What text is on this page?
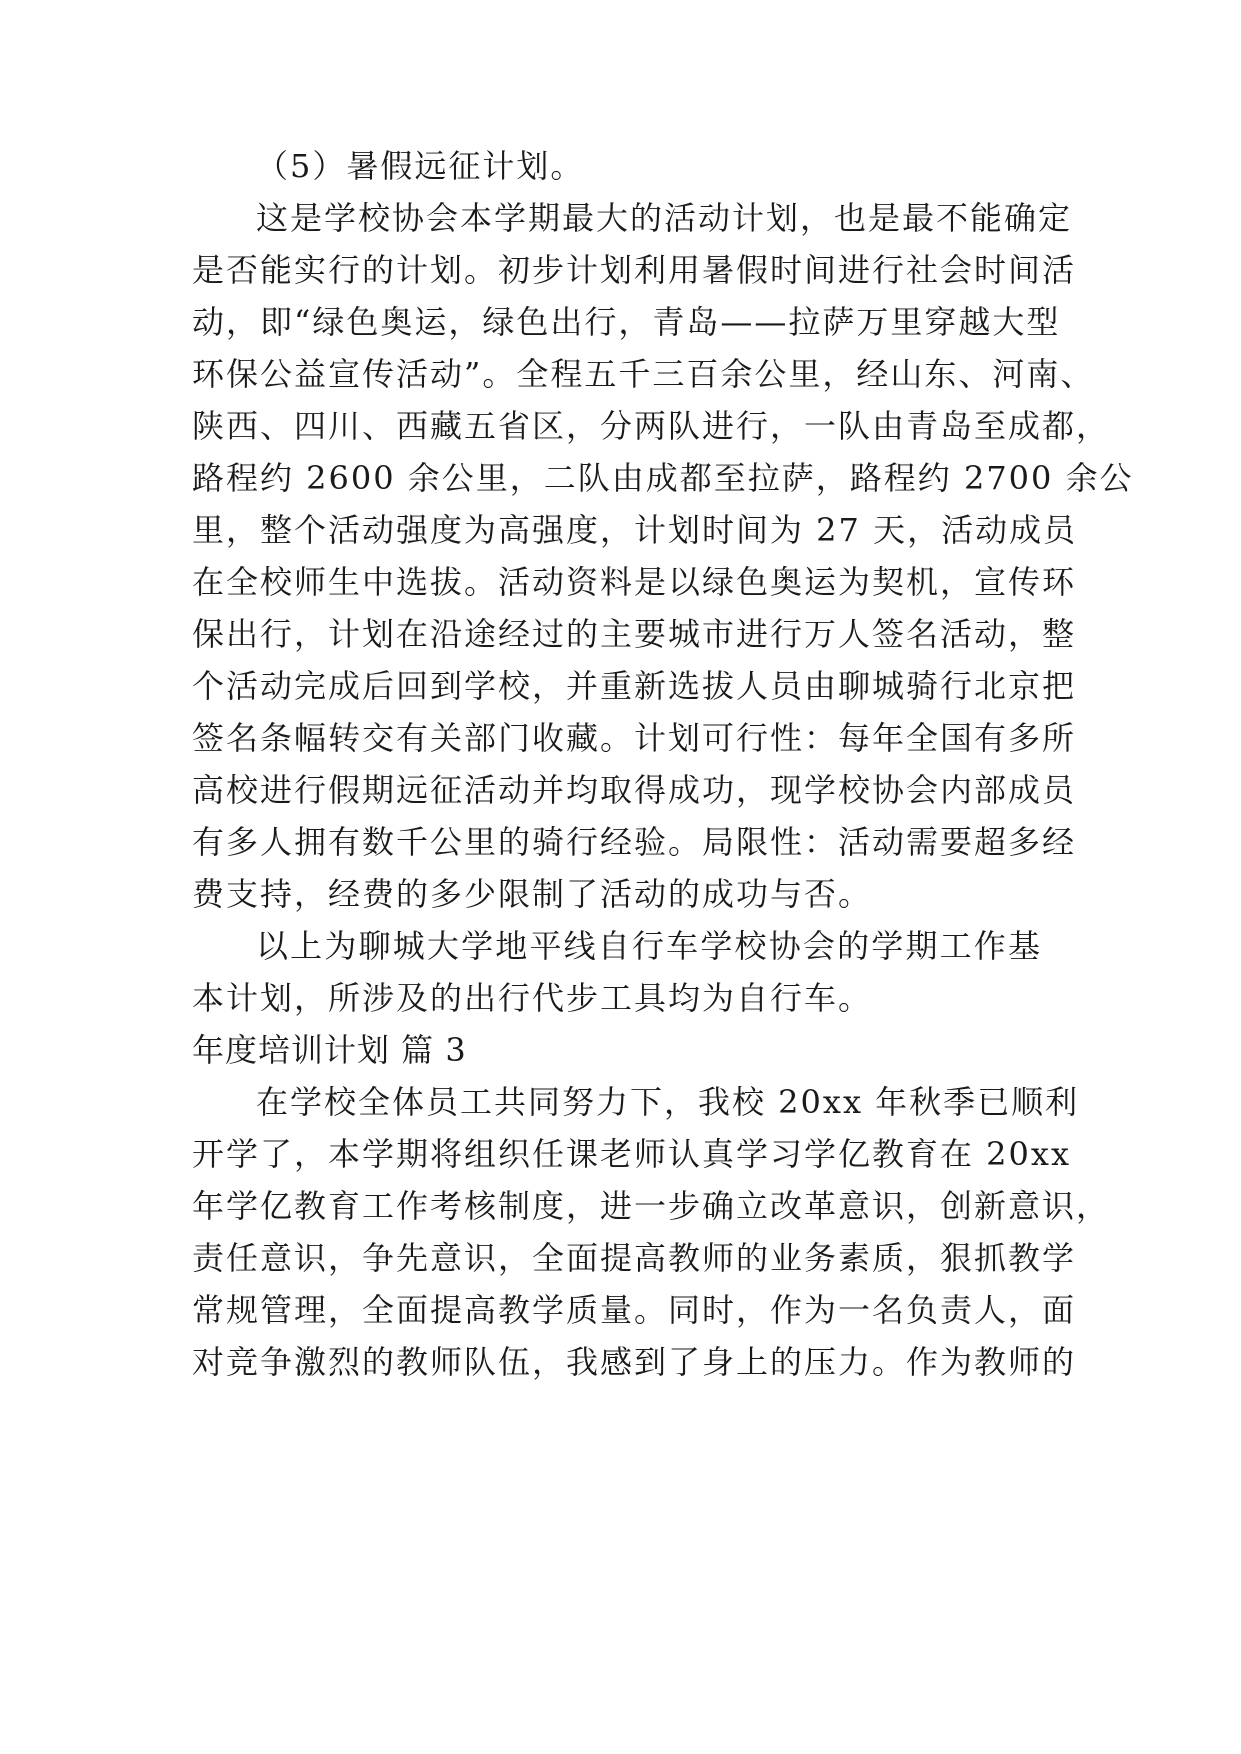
（5）暑假远征计划。
这是学校协会本学期最大的活动计划，也是最不能确定
是否能实行的计划。初步计划利用暑假时间进行社会时间活
动，即“绿色奥运，绿色出行，青岛——拉萨万里穿越大型
环保公益宣传活动”。全程五千三百余公里，经山东、河南、
陕西、四川、西藏五省区，分两队进行，一队由青岛至成都，
路程约 2600 余公里，二队由成都至拉萨，路程约 2700 余公
里，整个活动强度为高强度，计划时间为 27 天，活动成员
在全校师生中选拔。活动资料是以绿色奥运为契机，宣传环
保出行，计划在沿途经过的主要城市进行万人签名活动，整
个活动完成后回到学校，并重新选拔人员由聊城骑行北京把
签名条幅转交有关部门收藏。计划可行性：每年全国有多所
高校进行假期远征活动并均取得成功，现学校协会内部成员
有多人拥有数千公里的骑行经验。局限性：活动需要超多经
费支持，经费的多少限制了活动的成功与否。
以上为聊城大学地平线自行车学校协会的学期工作基
本计划，所涉及的出行代步工具均为自行车。
年度培训计划 篇 3
在学校全体员工共同努力下，我校 20xx 年秋季已顺利
开学了，本学期将组织任课老师认真学习学亿教育在 20xx
年学亿教育工作考核制度，进一步确立改革意识，创新意识，
责任意识，争先意识，全面提高教师的业务素质，狠抓教学
常规管理，全面提高教学质量。同时，作为一名负责人，面
对竞争激烈的教师队伍，我感到了身上的压力。作为教师的
